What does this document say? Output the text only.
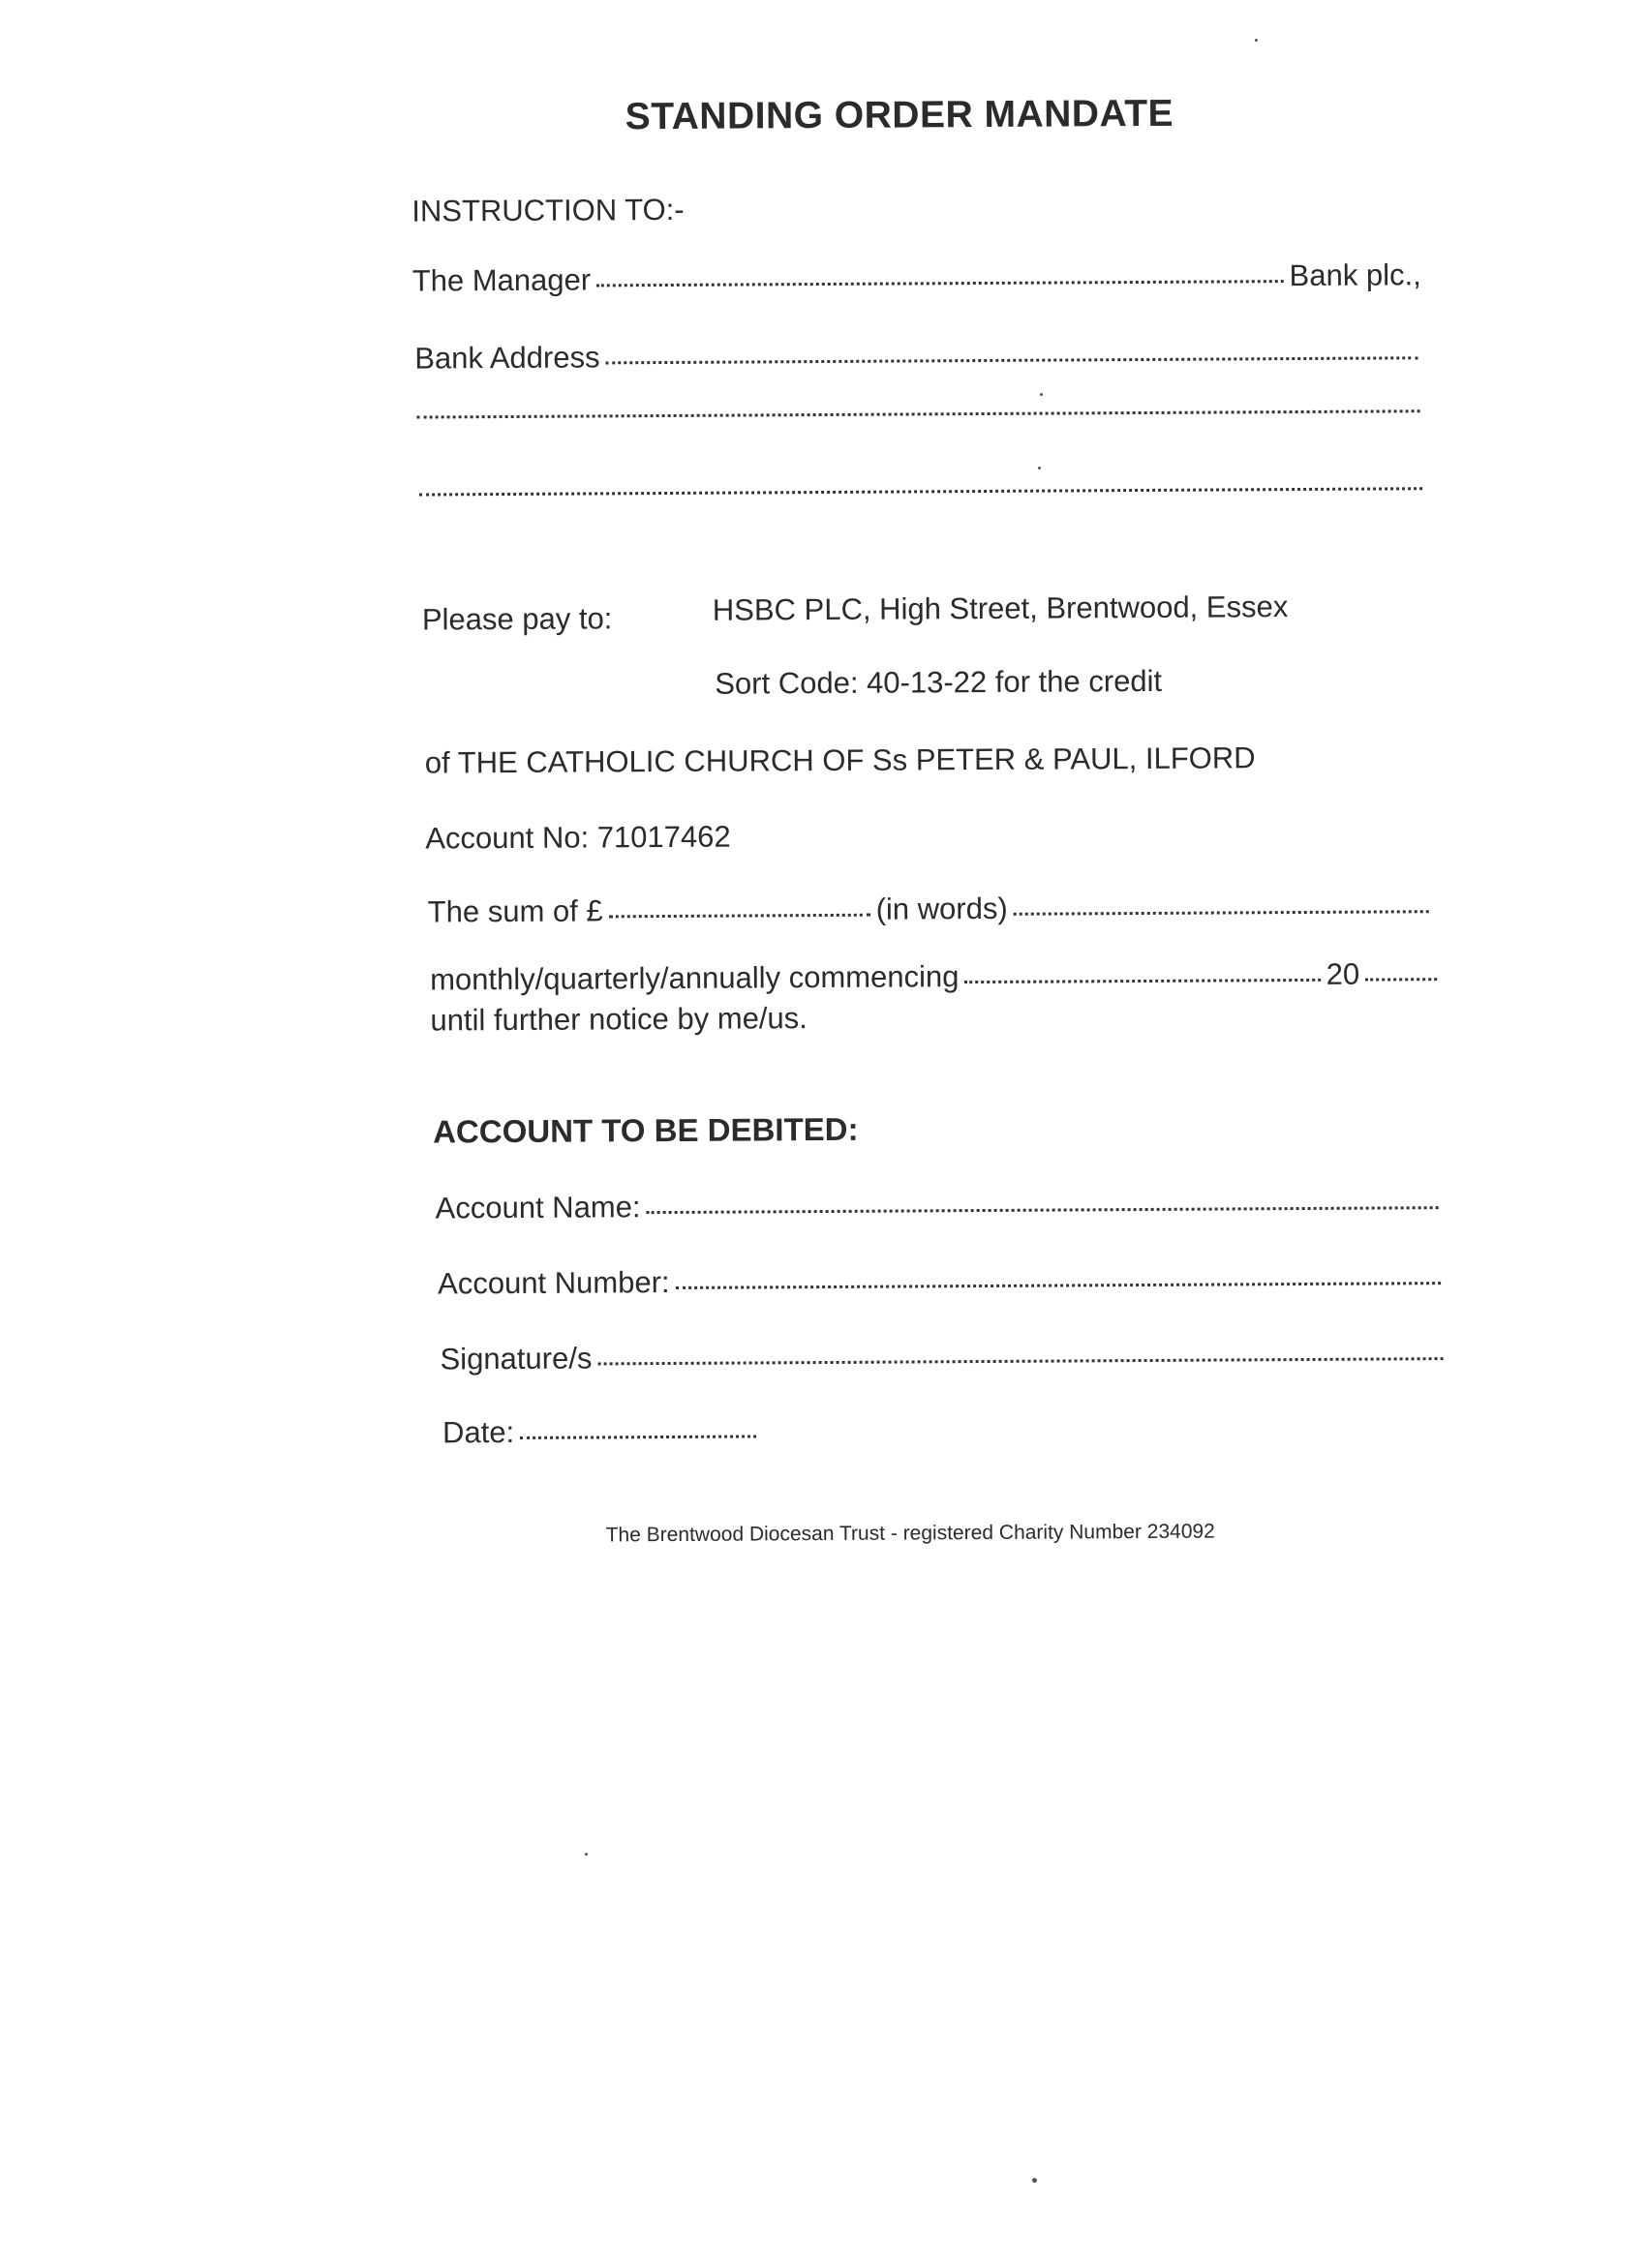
STANDING ORDER MANDATE
INSTRUCTION TO:-
The Manager	Bank plc.,
Bank Address
Please pay to:	HSBC PLC, High Street, Brentwood, Essex
Sort Code: 40-13-22 for the credit
of THE CATHOLIC CHURCH OF Ss PETER & PAUL, ILFORD
Account No: 71017462
The sum of £	(in words)
monthly/quarterly/annually commencing	20
until further notice by me/us.
ACCOUNT TO BE DEBITED:
Account Name:
Account Number:
Signature/s
Date:
The Brentwood Diocesan Trust - registered Charity Number 234092
